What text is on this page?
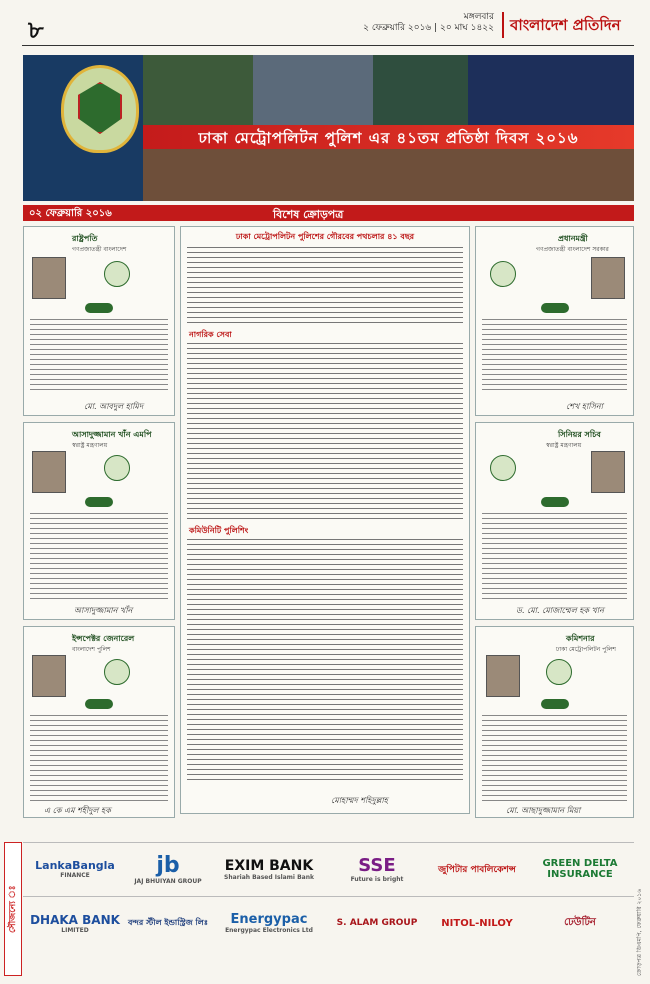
৮	মঙ্গলবার
২ ফেব্রুয়ারি ২০১৬ | ২০ মাঘ ১৪২২	বাংলাদেশ প্রতিদিন
ঢাকা মেট্রোপলিটন পুলিশ এর ৪১তম প্রতিষ্ঠা দিবস ২০১৬
০২ ফেব্রুয়ারি ২০১৬	বিশেষ ক্রোড়পত্র
রাষ্ট্রপতি
গণপ্রজাতন্ত্রী বাংলাদেশ
মো. আবদুল হামিদ
আসাদুজ্জামান খাঁন এমপি
স্বরাষ্ট্র মন্ত্রণালয়
আসাদুজ্জামান খাঁন
ইন্সপেক্টর জেনারেল
বাংলাদেশ পুলিশ
এ কে এম শহীদুল হক
ঢাকা মেট্রোপলিটন পুলিশের গৌরবের পথচলার ৪১ বছর
নাগরিক সেবা
কমিউনিটি পুলিশিং
মোহাম্মদ শহিদুল্লাহ
প্রধানমন্ত্রী
গণপ্রজাতন্ত্রী বাংলাদেশ সরকার
শেখ হাসিনা
সিনিয়র সচিব
স্বরাষ্ট্র মন্ত্রণালয়
ড. মো. মোজাম্মেল হক খান
কমিশনার
ঢাকা মেট্রোপলিটন পুলিশ
মো. আছাদুজ্জামান মিয়া
সৌজন্যে ঃ
LankaBangla
FINANCE	jb
JAJ BHUIYAN GROUP
EXIM BANK
Shariah Based Islami Bank
SSE
Future is bright
জুপিটার পাবলিকেশন্স
GREEN DELTA INSURANCE
DHAKA BANK
LIMITED
বন্দর স্টীল ইন্ডাস্ট্রিজ লিঃ	Energypac
Energypac Electronics Ltd
S. ALAM GROUP	NITOL-NILOY	ঢেউটিন	ক্রোড়পত্র ডিএমপি, ফেব্রুয়ারি ২০১৬
